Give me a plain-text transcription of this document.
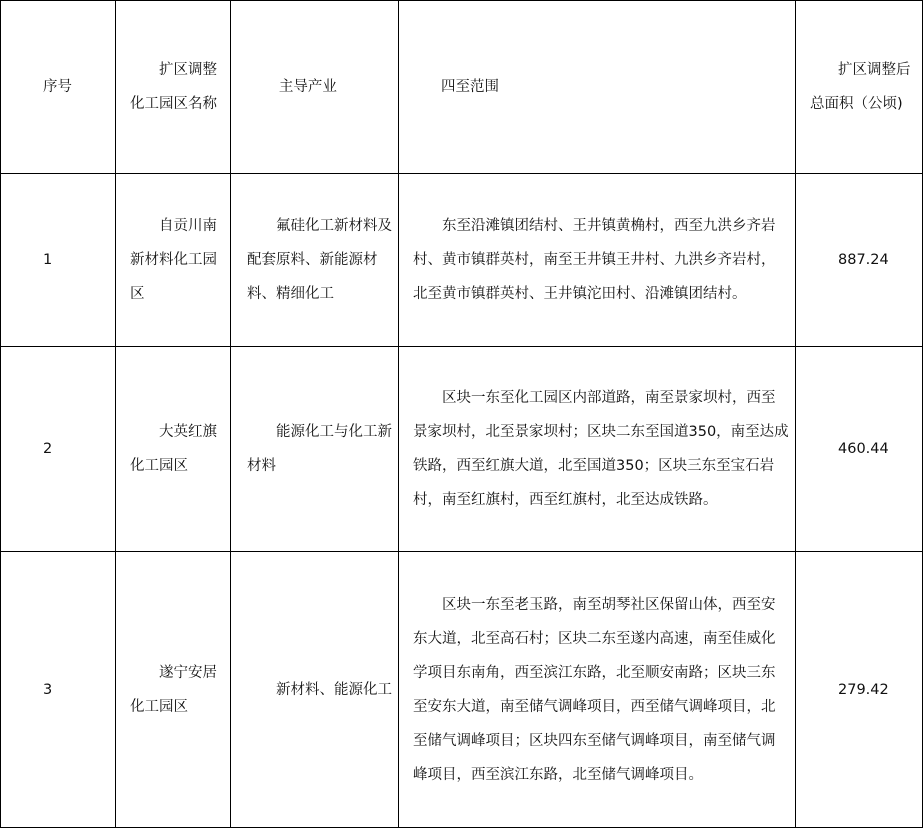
序号	扩区调整化工园区名称	主导产业	四至范围	扩区调整后总面积（公顷)

1	自贡川南新材料化工园区	氟硅化工新材料及配套原料、新能源材料、精细化工	东至沿滩镇团结村、王井镇黄桷村，西至九洪乡齐岩村、黄市镇群英村，南至王井镇王井村、九洪乡齐岩村，北至黄市镇群英村、王井镇沱田村、沿滩镇团结村。	887.24

2	大英红旗化工园区	能源化工与化工新材料	区块一东至化工园区内部道路，南至景家坝村，西至景家坝村，北至景家坝村；区块二东至国道350，南至达成铁路，西至红旗大道，北至国道350；区块三东至宝石岩村，南至红旗村，西至红旗村，北至达成铁路。	460.44

3	遂宁安居化工园区	新材料、能源化工	区块一东至老玉路，南至胡琴社区保留山体，西至安东大道，北至高石村；区块二东至遂内高速，南至佳威化学项目东南角，西至滨江东路，北至顺安南路；区块三东至安东大道，南至储气调峰项目，西至储气调峰项目，北至储气调峰项目；区块四东至储气调峰项目，南至储气调峰项目，西至滨江东路，北至储气调峰项目。	279.42
